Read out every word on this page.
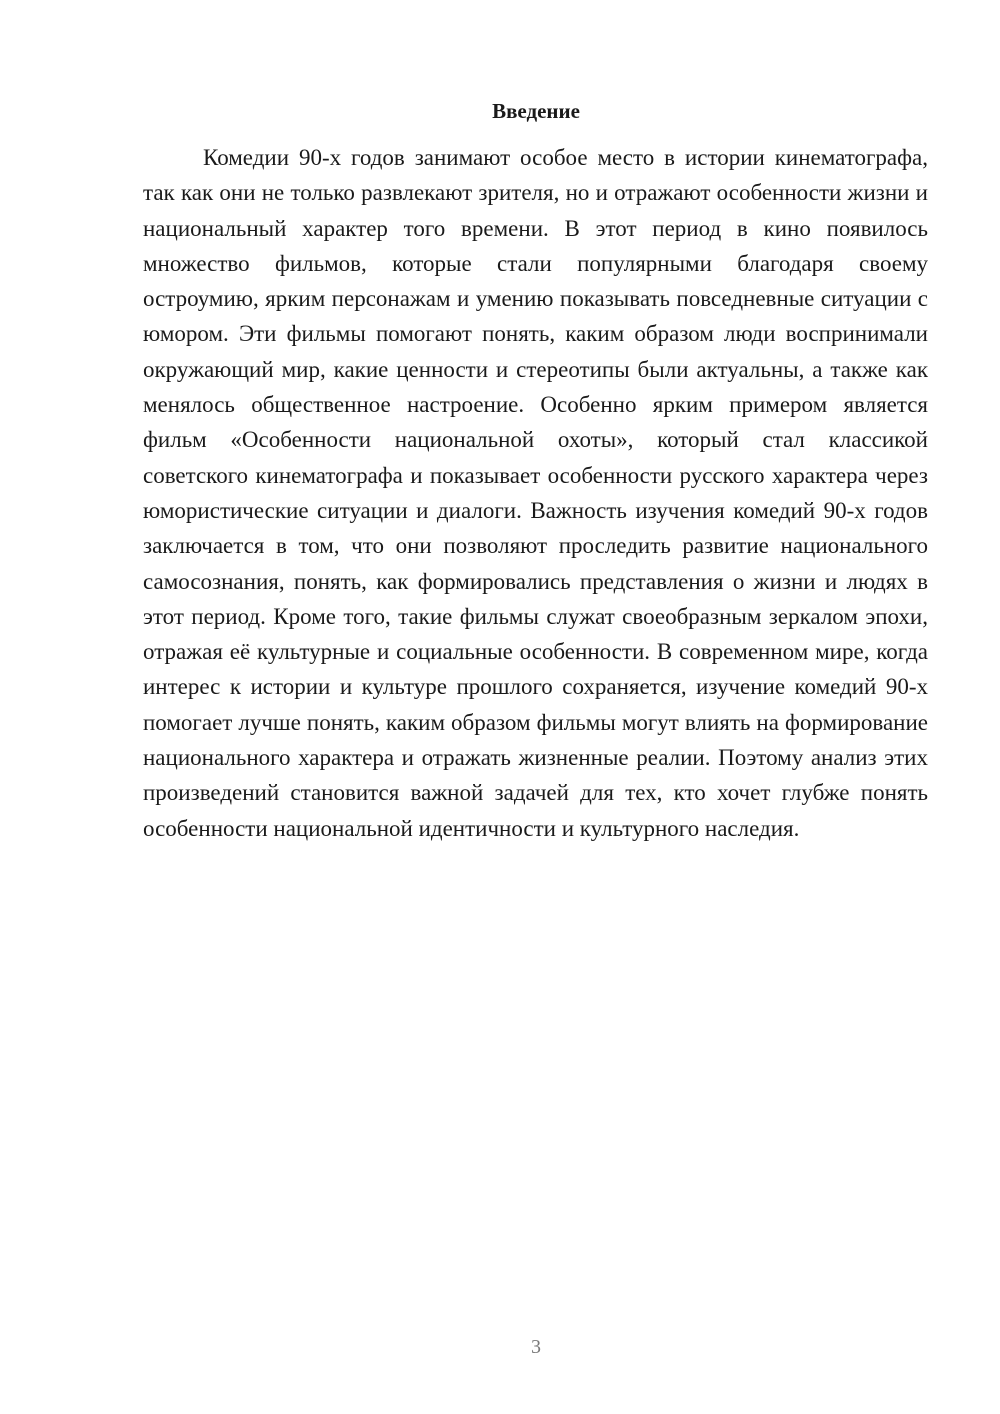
Введение

Комедии 90-х годов занимают особое место в истории кинематографа, так как они не только развлекают зрителя, но и отражают особенности жизни и национальный характер того времени. В этот период в кино появилось множество фильмов, которые стали популярными благодаря своему остроумию, ярким персонажам и умению показывать повседневные ситуации с юмором. Эти фильмы помогают понять, каким образом люди воспринимали окружающий мир, какие ценности и стереотипы были актуальны, а также как менялось общественное настроение. Особенно ярким примером является фильм «Особенности национальной охоты», который стал классикой советского кинематографа и показывает особенности русского характера через юмористические ситуации и диалоги. Важность изучения комедий 90-х годов заключается в том, что они позволяют проследить развитие национального самосознания, понять, как формировались представления о жизни и людях в этот период. Кроме того, такие фильмы служат своеобразным зеркалом эпохи, отражая её культурные и социальные особенности. В современном мире, когда интерес к истории и культуре прошлого сохраняется, изучение комедий 90-х помогает лучше понять, каким образом фильмы могут влиять на формирование национального характера и отражать жизненные реалии. Поэтому анализ этих произведений становится важной задачей для тех, кто хочет глубже понять особенности национальной идентичности и культурного наследия.

3
